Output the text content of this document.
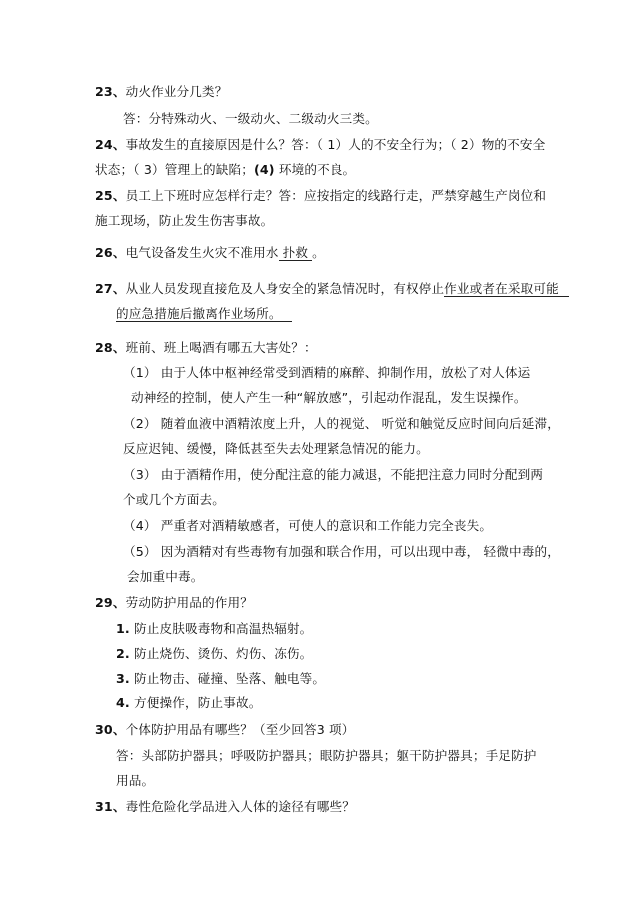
23、动火作业分几类？
答：分特殊动火、一级动火、二级动火三类。
24、事故发生的直接原因是什么？答：（ 1）人的不安全行为；（ 2）物的不安全
状态；（ 3）管理上的缺陷；(4) 环境的不良。
25、员工上下班时应怎样行走？答：应按指定的线路行走，严禁穿越生产岗位和
施工现场，防止发生伤害事故。
26、电气设备发生火灾不准用水 扑救 。
27、从业人员发现直接危及人身安全的紧急情况时，有权停止作业或者在采取可能
的应急措施后撤离作业场所。
28、班前、班上喝酒有哪五大害处？：
（1） 由于人体中枢神经常受到酒精的麻醉、抑制作用，放松了对人体运
动神经的控制，使人产生一种“解放感”，引起动作混乱，发生误操作。
（2） 随着血液中酒精浓度上升，人的视觉、 听觉和触觉反应时间向后延滞，
反应迟钝、缓慢，降低甚至失去处理紧急情况的能力。
（3） 由于酒精作用，使分配注意的能力减退，不能把注意力同时分配到两
个或几个方面去。
（4） 严重者对酒精敏感者，可使人的意识和工作能力完全丧失。
（5） 因为酒精对有些毒物有加强和联合作用，可以出现中毒， 轻微中毒的，
会加重中毒。
29、劳动防护用品的作用？
1. 防止皮肤吸毒物和高温热辐射。
2. 防止烧伤、烫伤、灼伤、冻伤。
3. 防止物击、碰撞、坠落、触电等。
4. 方便操作，防止事故。
30、个体防护用品有哪些？（至少回答3 项）
答：头部防护器具；呼吸防护器具；眼防护器具；躯干防护器具；手足防护
用品。
31、毒性危险化学品进入人体的途径有哪些？
